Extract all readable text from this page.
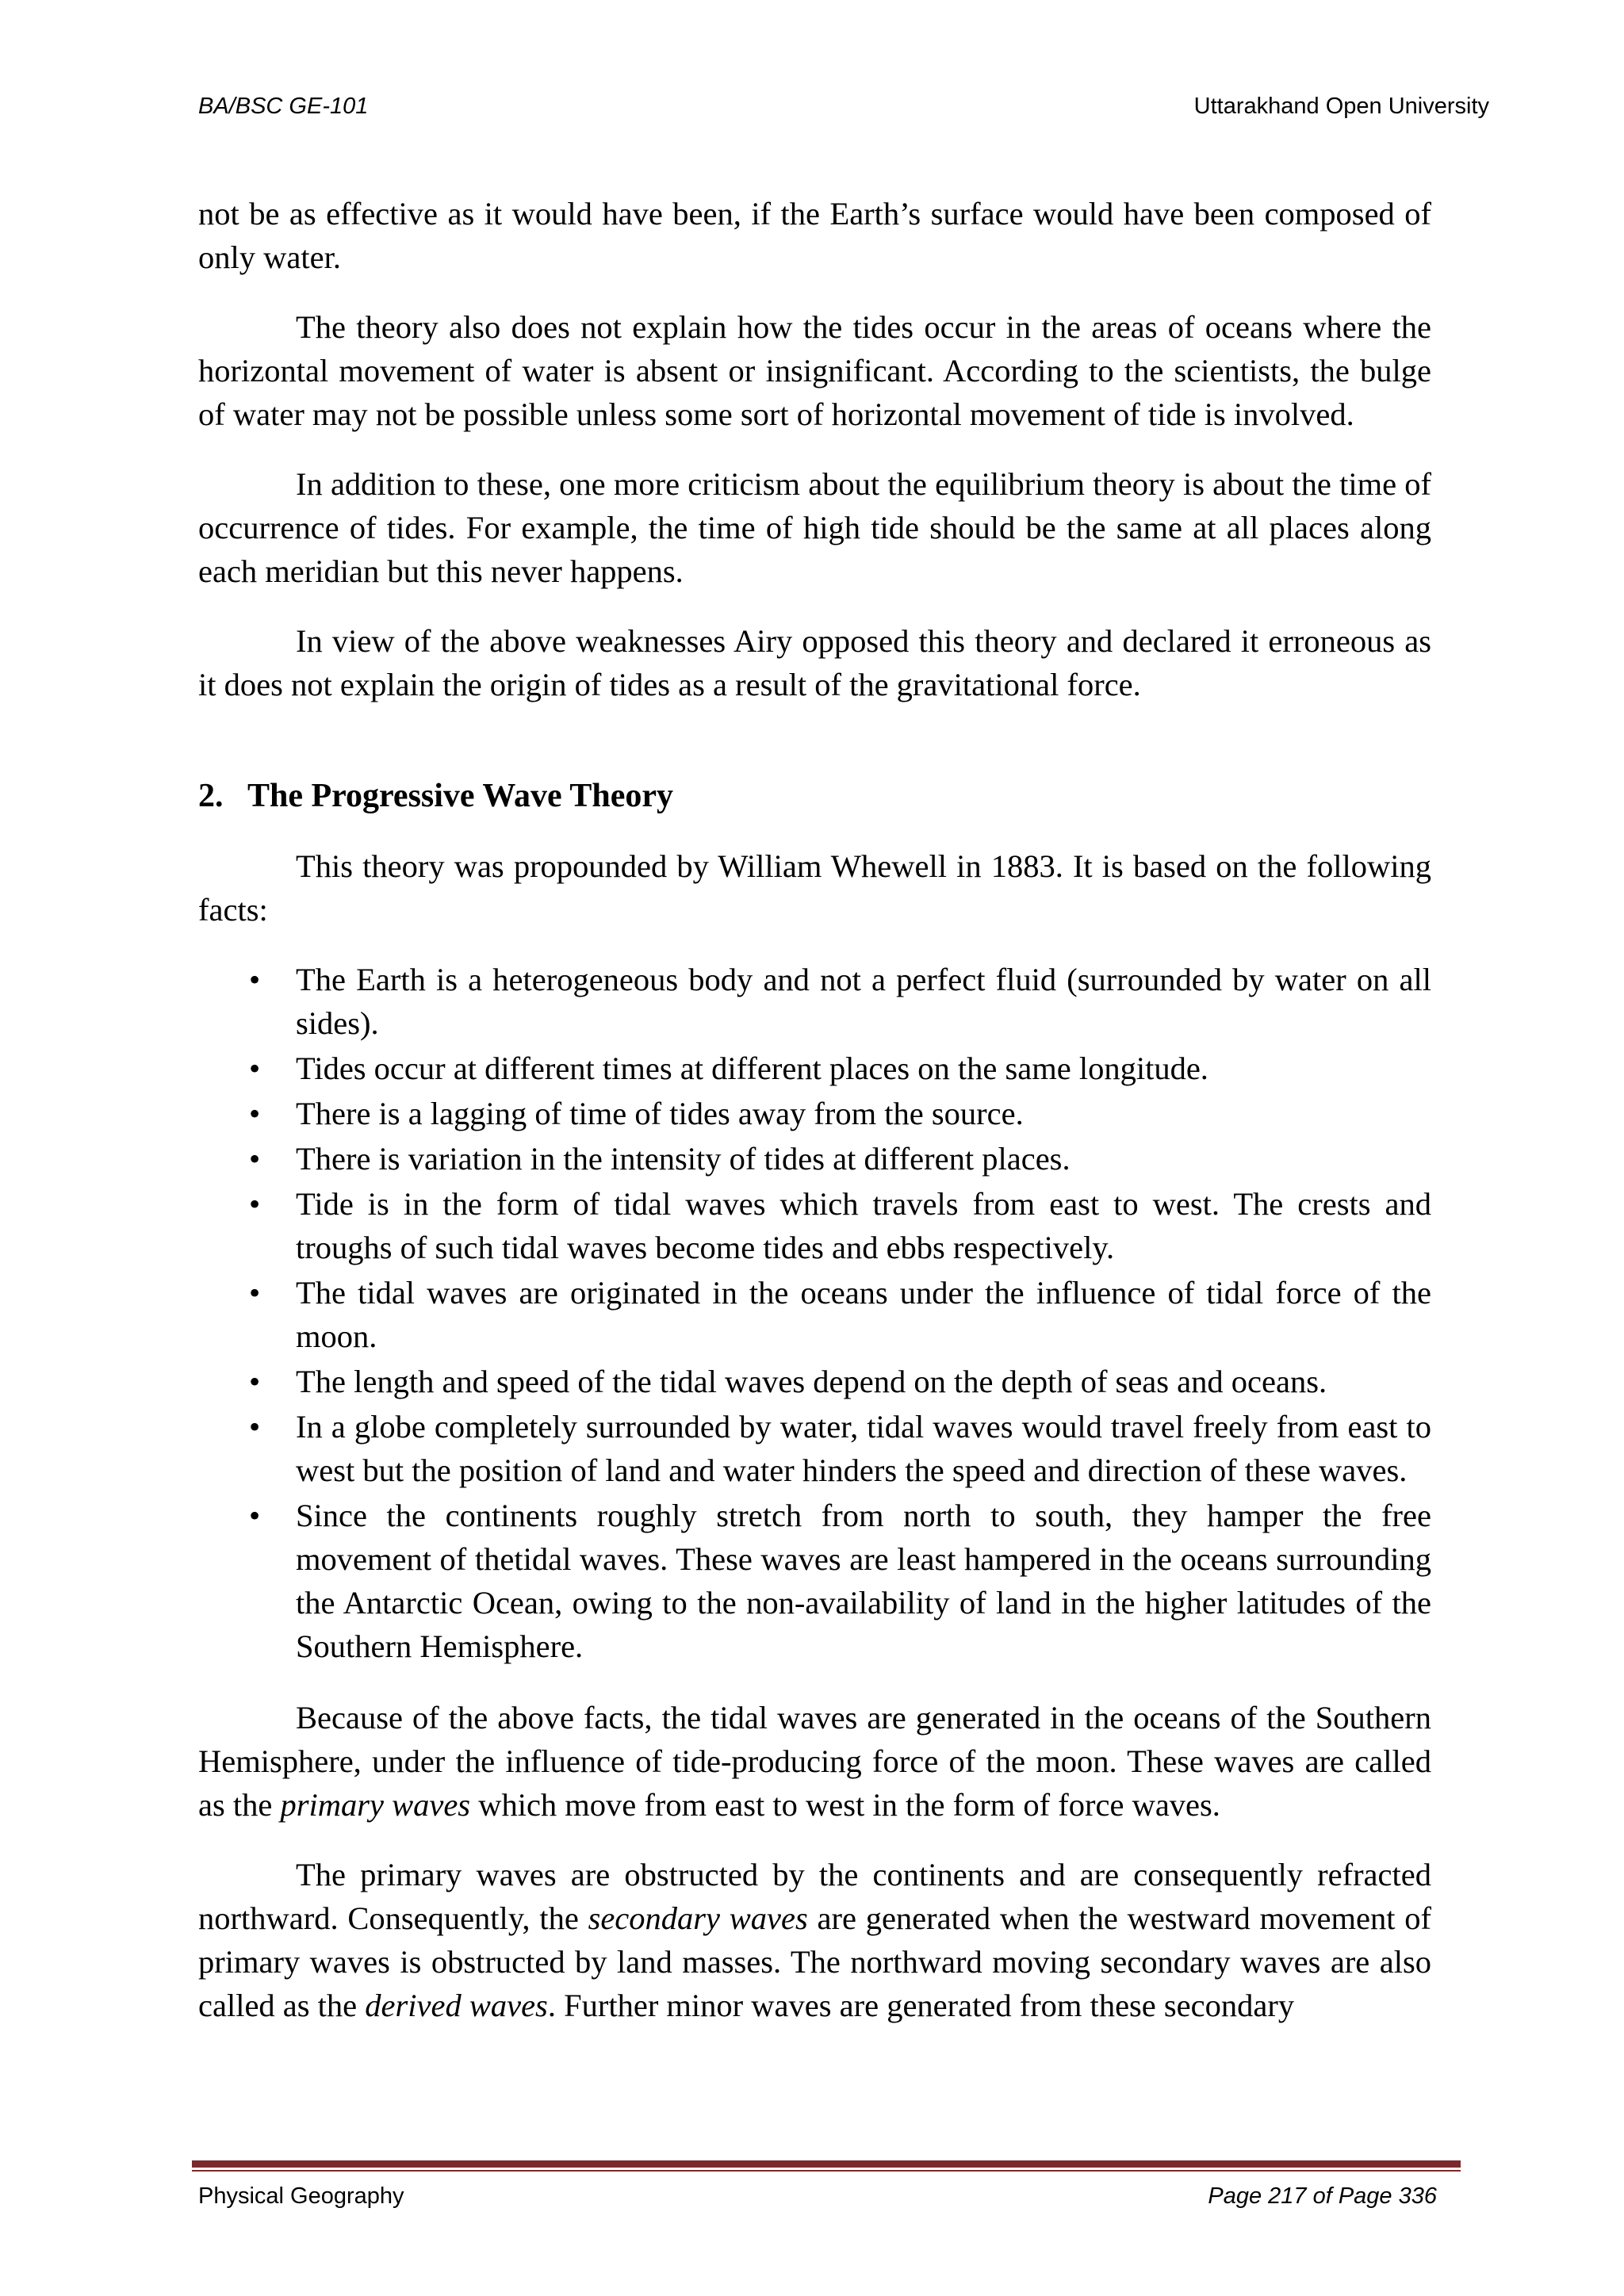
BA/BSC GE-101	Uttarakhand Open University

not be as effective as it would have been, if the Earth’s surface would have been composed of only water.

The theory also does not explain how the tides occur in the areas of oceans where the horizontal movement of water is absent or insignificant. According to the scientists, the bulge of water may not be possible unless some sort of horizontal movement of tide is involved.

In addition to these, one more criticism about the equilibrium theory is about the time of occurrence of tides. For example, the time of high tide should be the same at all places along each meridian but this never happens.

In view of the above weaknesses Airy opposed this theory and declared it erroneous as it does not explain the origin of tides as a result of the gravitational force.

2. The Progressive Wave Theory

This theory was propounded by William Whewell in 1883. It is based on the following facts:

• The Earth is a heterogeneous body and not a perfect fluid (surrounded by water on all sides).
• Tides occur at different times at different places on the same longitude.
• There is a lagging of time of tides away from the source.
• There is variation in the intensity of tides at different places.
• Tide is in the form of tidal waves which travels from east to west. The crests and troughs of such tidal waves become tides and ebbs respectively.
• The tidal waves are originated in the oceans under the influence of tidal force of the moon.
• The length and speed of the tidal waves depend on the depth of seas and oceans.
• In a globe completely surrounded by water, tidal waves would travel freely from east to west but the position of land and water hinders the speed and direction of these waves.
• Since the continents roughly stretch from north to south, they hamper the free movement of thetidal waves. These waves are least hampered in the oceans surrounding the Antarctic Ocean, owing to the non-availability of land in the higher latitudes of the Southern Hemisphere.

Because of the above facts, the tidal waves are generated in the oceans of the Southern Hemisphere, under the influence of tide-producing force of the moon. These waves are called as the primary waves which move from east to west in the form of force waves.

The primary waves are obstructed by the continents and are consequently refracted northward. Consequently, the secondary waves are generated when the westward movement of primary waves is obstructed by land masses. The northward moving secondary waves are also called as the derived waves. Further minor waves are generated from these secondary

Physical Geography	Page 217 of Page 336
